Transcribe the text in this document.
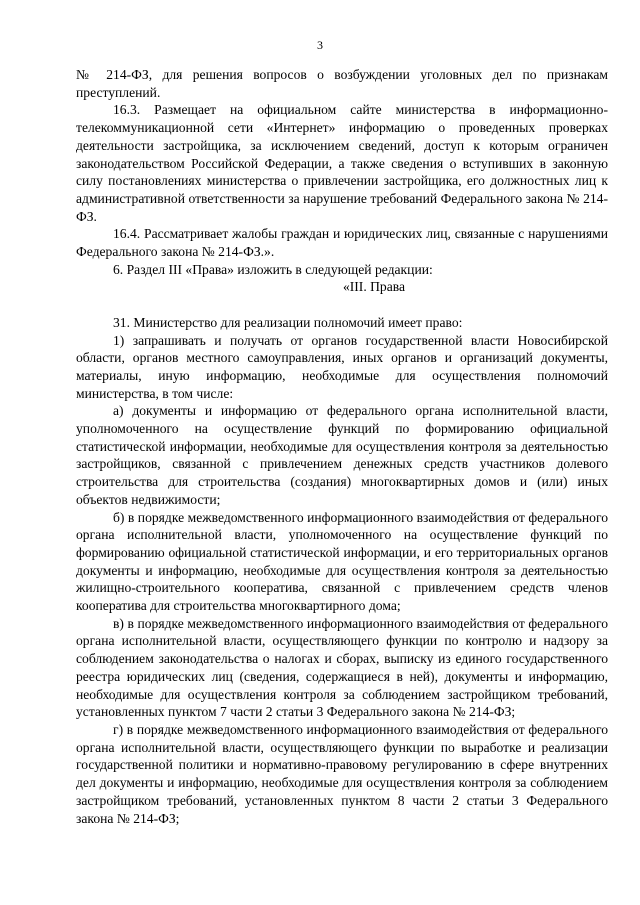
3

№ 214-ФЗ, для решения вопросов о возбуждении уголовных дел по признакам преступлений.

16.3. Размещает на официальном сайте министерства в информационно-телекоммуникационной сети «Интернет» информацию о проведенных проверках деятельности застройщика, за исключением сведений, доступ к которым ограничен законодательством Российской Федерации, а также сведения о вступивших в законную силу постановлениях министерства о привлечении застройщика, его должностных лиц к административной ответственности за нарушение требований Федерального закона № 214-ФЗ.

16.4. Рассматривает жалобы граждан и юридических лиц, связанные с нарушениями Федерального закона № 214-ФЗ.».

6. Раздел III «Права» изложить в следующей редакции:

«III. Права

31. Министерство для реализации полномочий имеет право:

1) запрашивать и получать от органов государственной власти Новосибирской области, органов местного самоуправления, иных органов и организаций документы, материалы, иную информацию, необходимые для осуществления полномочий министерства, в том числе:

а) документы и информацию от федерального органа исполнительной власти, уполномоченного на осуществление функций по формированию официальной статистической информации, необходимые для осуществления контроля за деятельностью застройщиков, связанной с привлечением денежных средств участников долевого строительства для строительства (создания) многоквартирных домов и (или) иных объектов недвижимости;

б) в порядке межведомственного информационного взаимодействия от федерального органа исполнительной власти, уполномоченного на осуществление функций по формированию официальной статистической информации, и его территориальных органов документы и информацию, необходимые для осуществления контроля за деятельностью жилищно-строительного кооператива, связанной с привлечением средств членов кооператива для строительства многоквартирного дома;

в) в порядке межведомственного информационного взаимодействия от федерального органа исполнительной власти, осуществляющего функции по контролю и надзору за соблюдением законодательства о налогах и сборах, выписку из единого государственного реестра юридических лиц (сведения, содержащиеся в ней), документы и информацию, необходимые для осуществления контроля за соблюдением застройщиком требований, установленных пунктом 7 части 2 статьи 3 Федерального закона № 214-ФЗ;

г) в порядке межведомственного информационного взаимодействия от федерального органа исполнительной власти, осуществляющего функции по выработке и реализации государственной политики и нормативно-правовому регулированию в сфере внутренних дел документы и информацию, необходимые для осуществления контроля за соблюдением застройщиком требований, установленных пунктом 8 части 2 статьи 3 Федерального закона № 214-ФЗ;
